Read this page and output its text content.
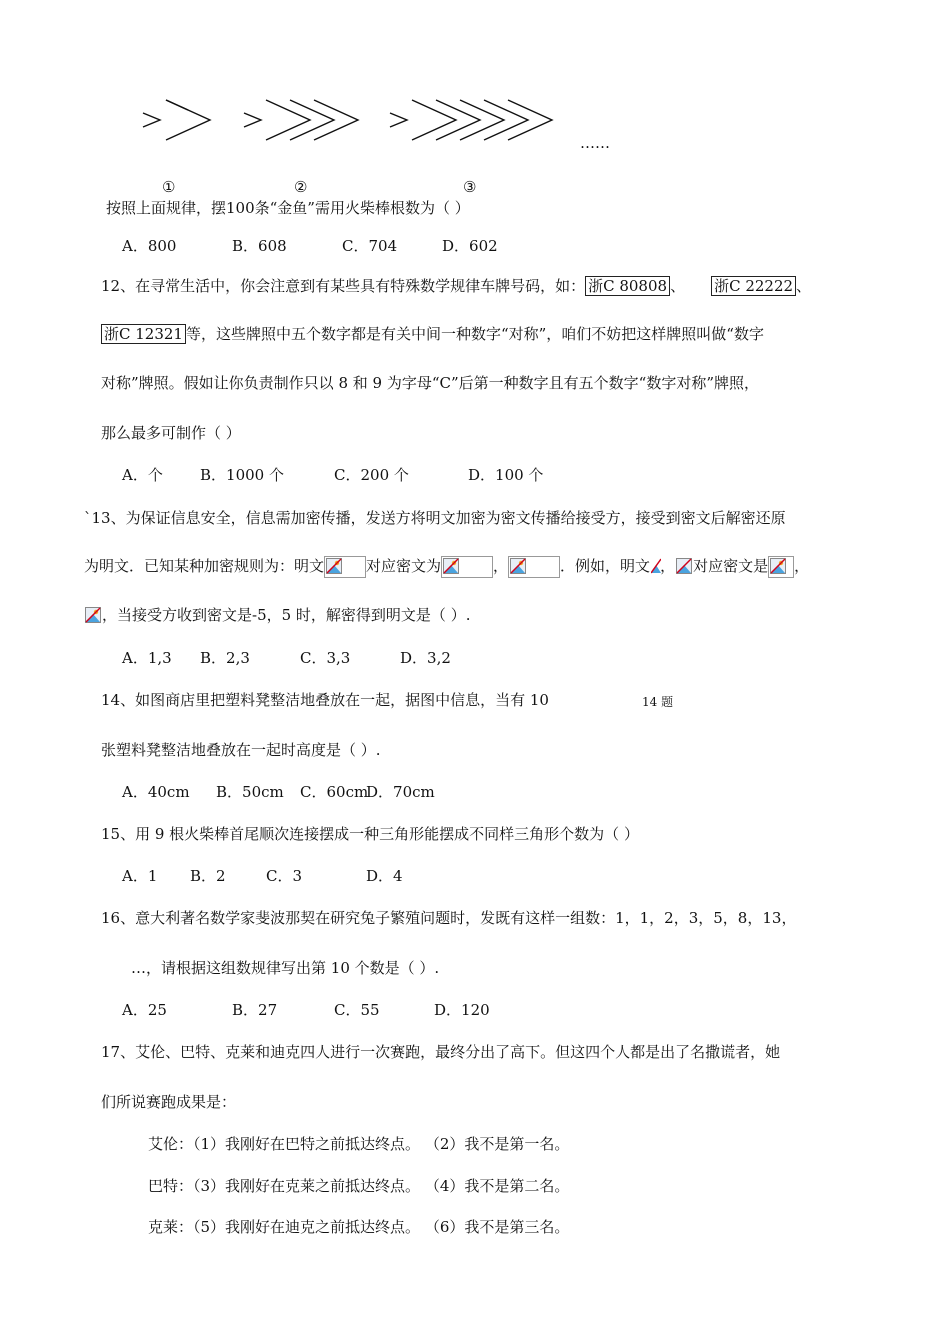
……
①	②	③
按照上面规律，摆100条“金鱼”需用火柴棒根数为（ ）
A．800	B．608	C．704	D．602
12、在寻常生活中，你会注意到有某些具有特殊数学规律车牌号码，如： 浙C 80808 、 浙C 22222 、
浙C 12321 等，这些牌照中五个数字都是有关中间一种数字“对称”，咱们不妨把这样牌照叫做“数字
对称”牌照。假如让你负责制作只以 8 和 9 为字母“C”后第一种数字且有五个数字“数字对称”牌照，
那么最多可制作（ ）
A．个 B．1000 个	C．200 个	D．100 个
`13、为保证信息安全，信息需加密传播，发送方将明文加密为密文传播给接受方，接受到密文后解密还原
为明文．已知某种加密规则为：明文	对应密文为	，	．例如，明文 ， 对应密文是 ，
，当接受方收到密文是-5，5 时，解密得到明文是（ ）.
A．1,3 B．2,3	C．3,3	D．3,2
14、如图商店里把塑料凳整洁地叠放在一起，据图中信息，当有 10	14 题
张塑料凳整洁地叠放在一起时高度是（ ）.
A．40cm B．50cm C．60cm
D．70cm
15、用 9 根火柴棒首尾顺次连接摆成一种三角形能摆成不同样三角形个数为（ ）
A．1 B．2	C．3	D．4
16、意大利著名数学家斐波那契在研究兔子繁殖问题时，发既有这样一组数：1，1，2，3，5，8，13，
…，请根据这组数规律写出第 10 个数是（ ）.
A．25	B．27	C．55	D．120
17、艾伦、巴特、克莱和迪克四人进行一次赛跑，最终分出了高下。但这四个人都是出了名撒谎者，她
们所说赛跑成果是：
艾伦：（1）我刚好在巴特之前抵达终点。 （2）我不是第一名。
巴特：（3）我刚好在克莱之前抵达终点。 （4）我不是第二名。
克莱：（5）我刚好在迪克之前抵达终点。 （6）我不是第三名。
